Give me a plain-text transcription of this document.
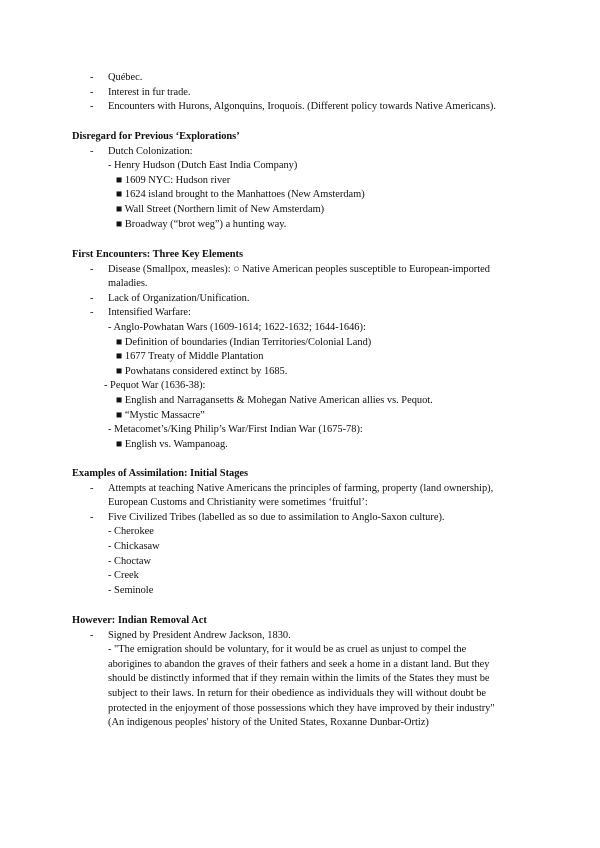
- Québec.
- Interest in fur trade.
- Encounters with Hurons, Algonquins, Iroquois. (Different policy towards Native Americans).
Disregard for Previous ‘Explorations’
- Dutch Colonization:
- Henry Hudson (Dutch East India Company)
■ 1609 NYC: Hudson river
■ 1624 island brought to the Manhattoes (New Amsterdam)
■ Wall Street (Northern limit of New Amsterdam)
■ Broadway (“brot weg”) a hunting way.
First Encounters: Three Key Elements
- Disease (Smallpox, measles): ○ Native American peoples susceptible to European-imported
maladies.
- Lack of Organization/Unification.
- Intensified Warfare:
- Anglo-Powhatan Wars (1609-1614; 1622-1632; 1644-1646):
■ Definition of boundaries (Indian Territories/Colonial Land)
■ 1677 Treaty of Middle Plantation
■ Powhatans considered extinct by 1685.
- Pequot War (1636-38):
■ English and Narragansetts & Mohegan Native American allies vs. Pequot.
■ “Mystic Massacre”
- Metacomet’s/King Philip’s War/First Indian War (1675-78):
■ English vs. Wampanoag.
Examples of Assimilation: Initial Stages
- Attempts at teaching Native Americans the principles of farming, property (land ownership),
European Customs and Christianity were sometimes ‘fruitful’:
- Five Civilized Tribes (labelled as so due to assimilation to Anglo-Saxon culture).
- Cherokee
- Chickasaw
- Choctaw
- Creek
- Seminole
However: Indian Removal Act
- Signed by President Andrew Jackson, 1830.
- "The emigration should be voluntary, for it would be as cruel as unjust to compel the
aborigines to abandon the graves of their fathers and seek a home in a distant land. But they
should be distinctly informed that if they remain within the limits of the States they must be
subject to their laws. In return for their obedience as individuals they will without doubt be
protected in the enjoyment of those possessions which they have improved by their industry"
(An indigenous peoples' history of the United States, Roxanne Dunbar-Ortiz)
